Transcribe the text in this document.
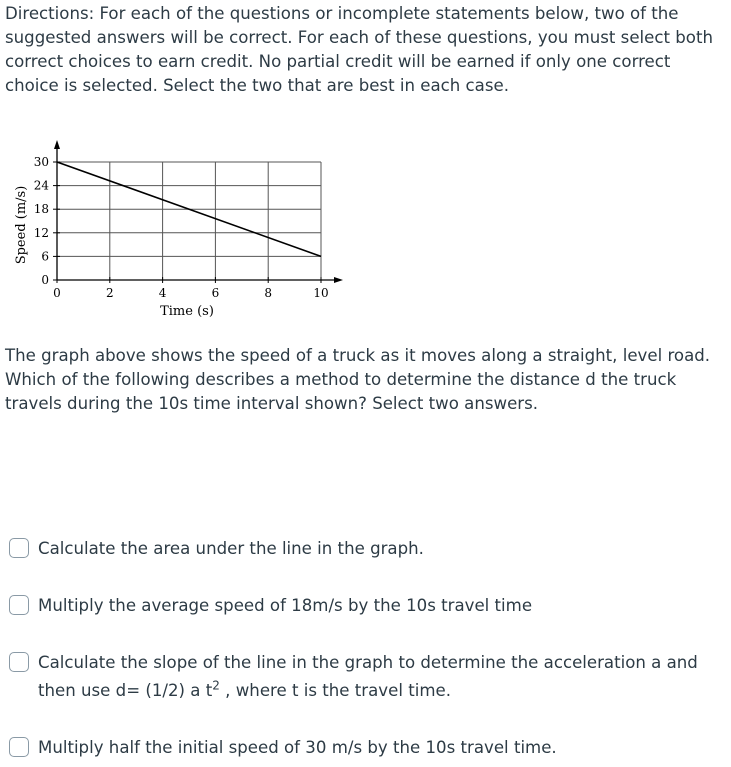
Directions: For each of the questions or incomplete statements below, two of the suggested answers will be correct. For each of these questions, you must select both correct choices to earn credit. No partial credit will be earned if only one correct choice is selected. Select the two that are best in each case.

0	2	4	6	8	10
0
6
12
18
24
30
Time (s)
Speed (m/s)

The graph above shows the speed of a truck as it moves along a straight, level road. Which of the following describes a method to determine the distance d the truck travels during the 10s time interval shown? Select two answers.

Calculate the area under the line in the graph.
Multiply the average speed of 18m/s by the 10s travel time
Calculate the slope of the line in the graph to determine the acceleration a and then use d= (1/2) a $t^2$ , where t is the travel time.
Multiply half the initial speed of 30 m/s by the 10s travel time.
